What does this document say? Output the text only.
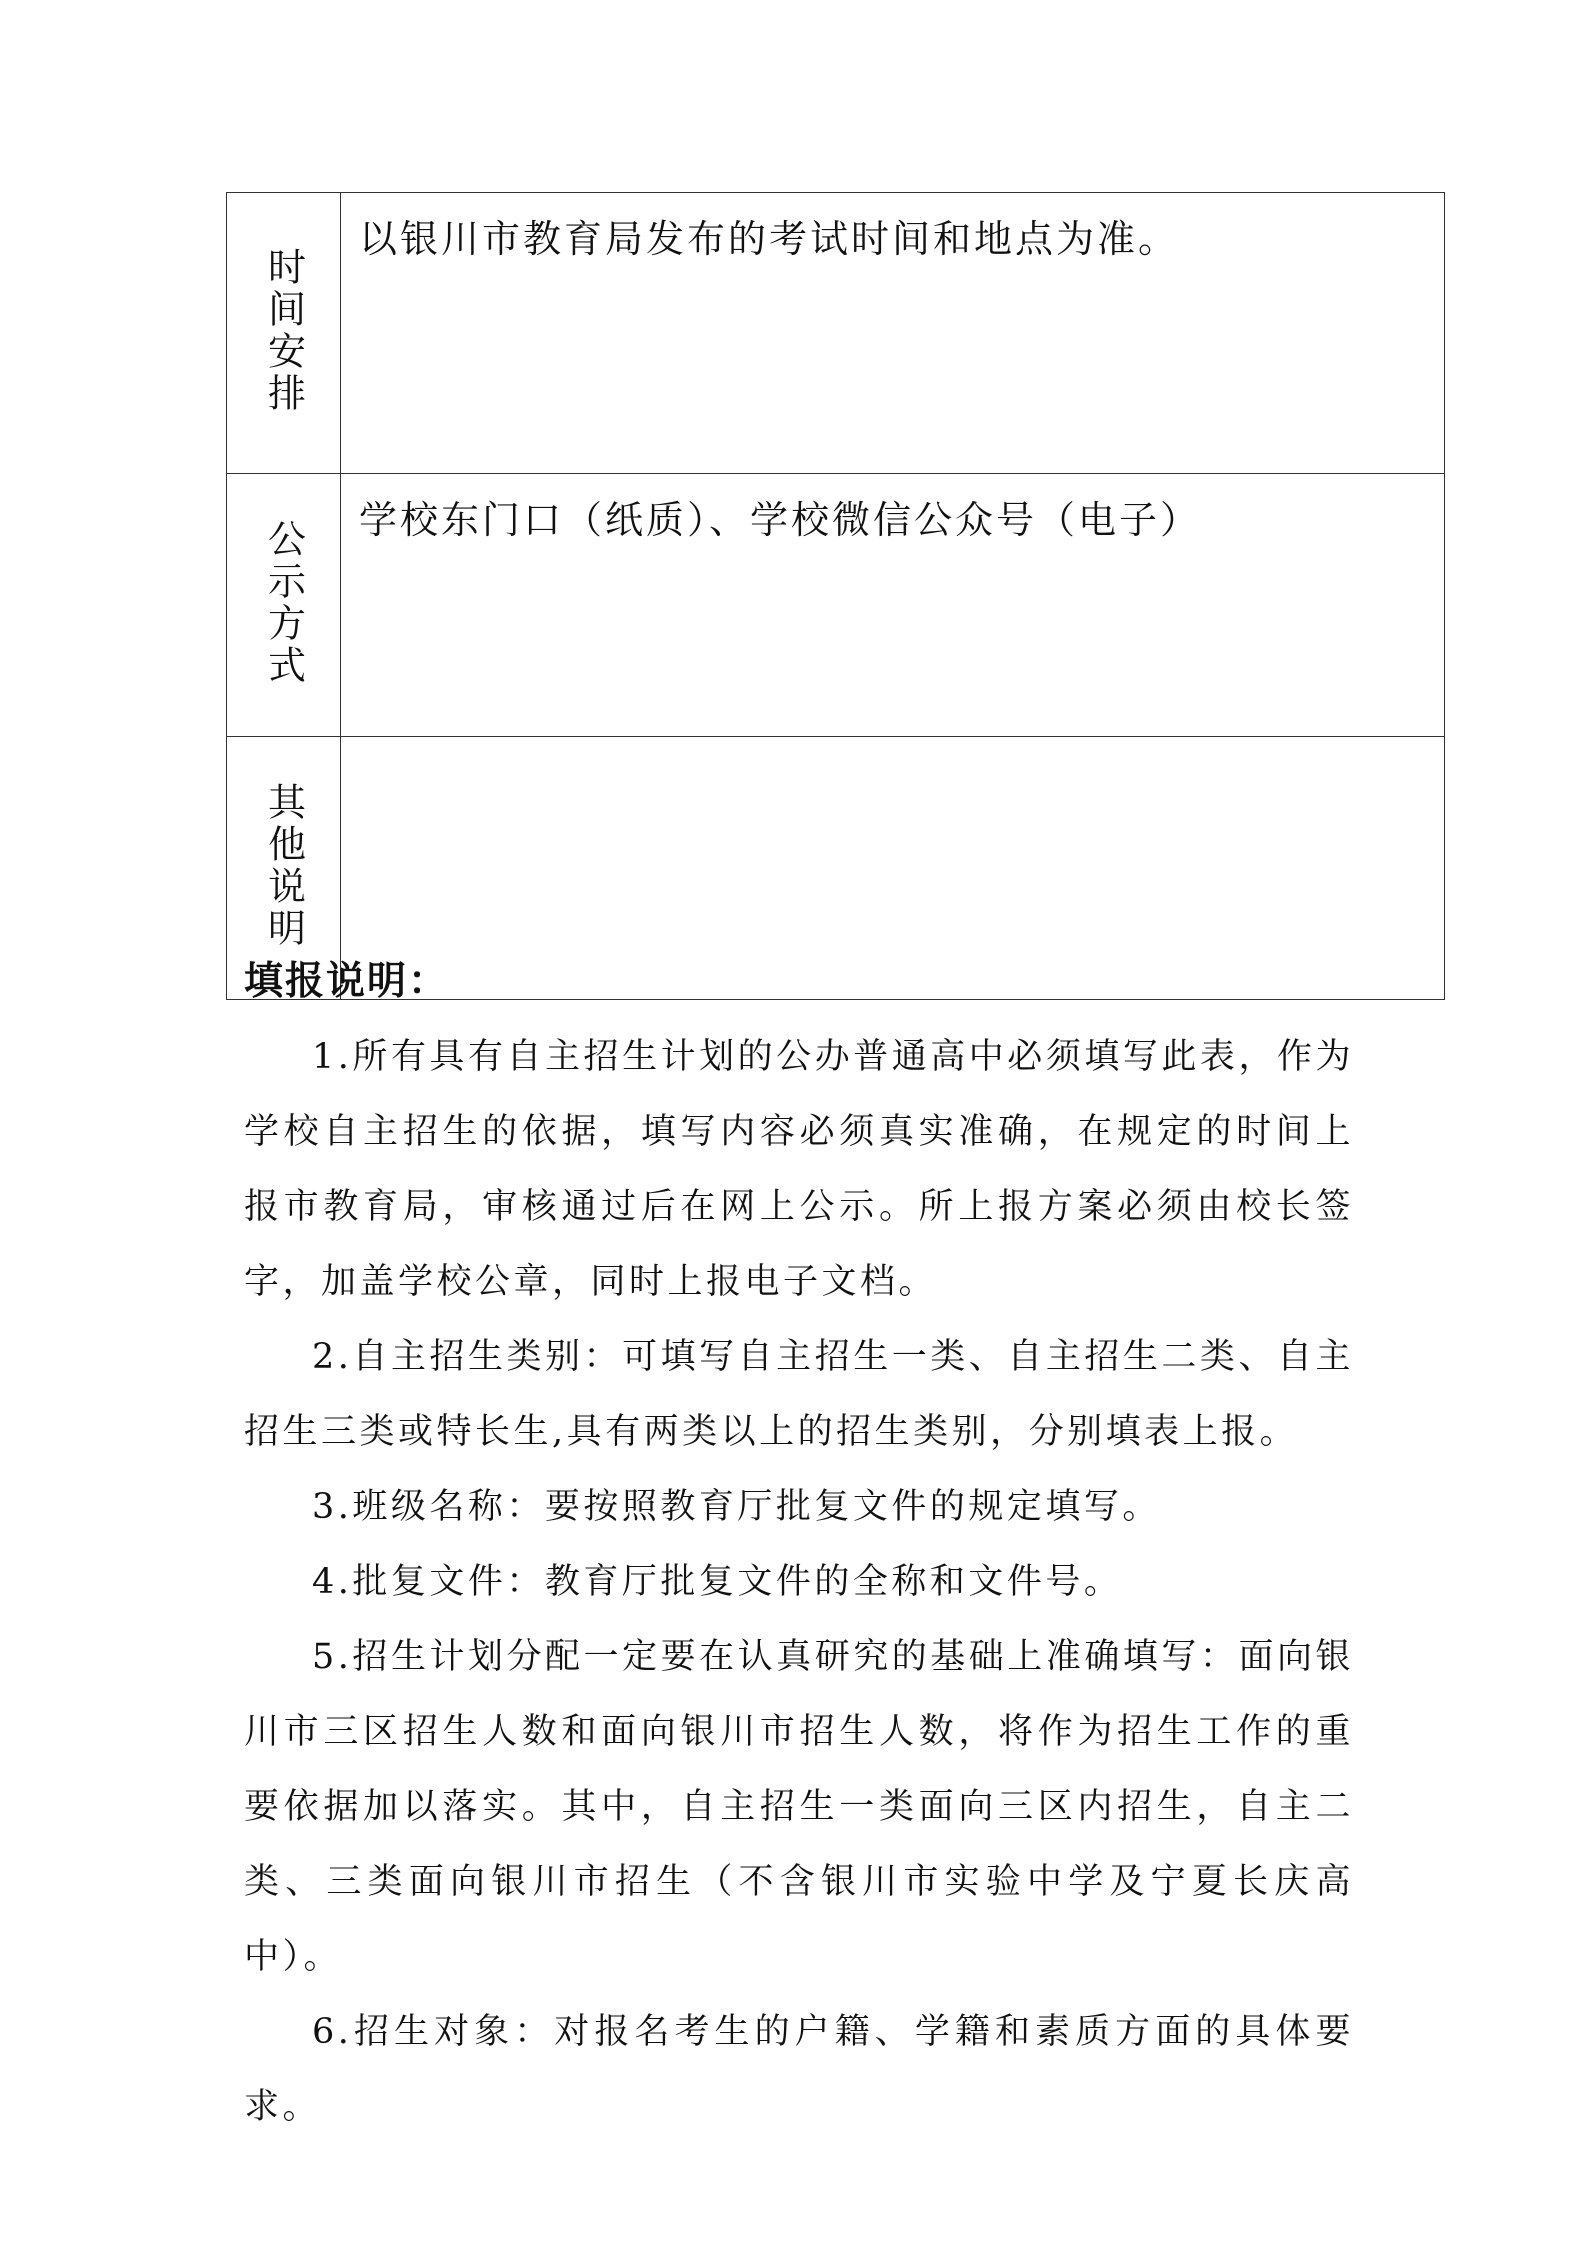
时间安排	以银川市教育局发布的考试时间和地点为准。
公示方式	学校东门口（纸质）、学校微信公众号（电子）
其他说明	

填报说明：

1.所有具有自主招生计划的公办普通高中必须填写此表，作为学校自主招生的依据，填写内容必须真实准确，在规定的时间上报市教育局，审核通过后在网上公示。所上报方案必须由校长签字，加盖学校公章，同时上报电子文档。

2.自主招生类别：可填写自主招生一类、自主招生二类、自主招生三类或特长生,具有两类以上的招生类别，分别填表上报。

3.班级名称：要按照教育厅批复文件的规定填写。

4.批复文件：教育厅批复文件的全称和文件号。

5.招生计划分配一定要在认真研究的基础上准确填写：面向银川市三区招生人数和面向银川市招生人数，将作为招生工作的重要依据加以落实。其中，自主招生一类面向三区内招生，自主二类、三类面向银川市招生（不含银川市实验中学及宁夏长庆高中）。

6.招生对象：对报名考生的户籍、学籍和素质方面的具体要求。
